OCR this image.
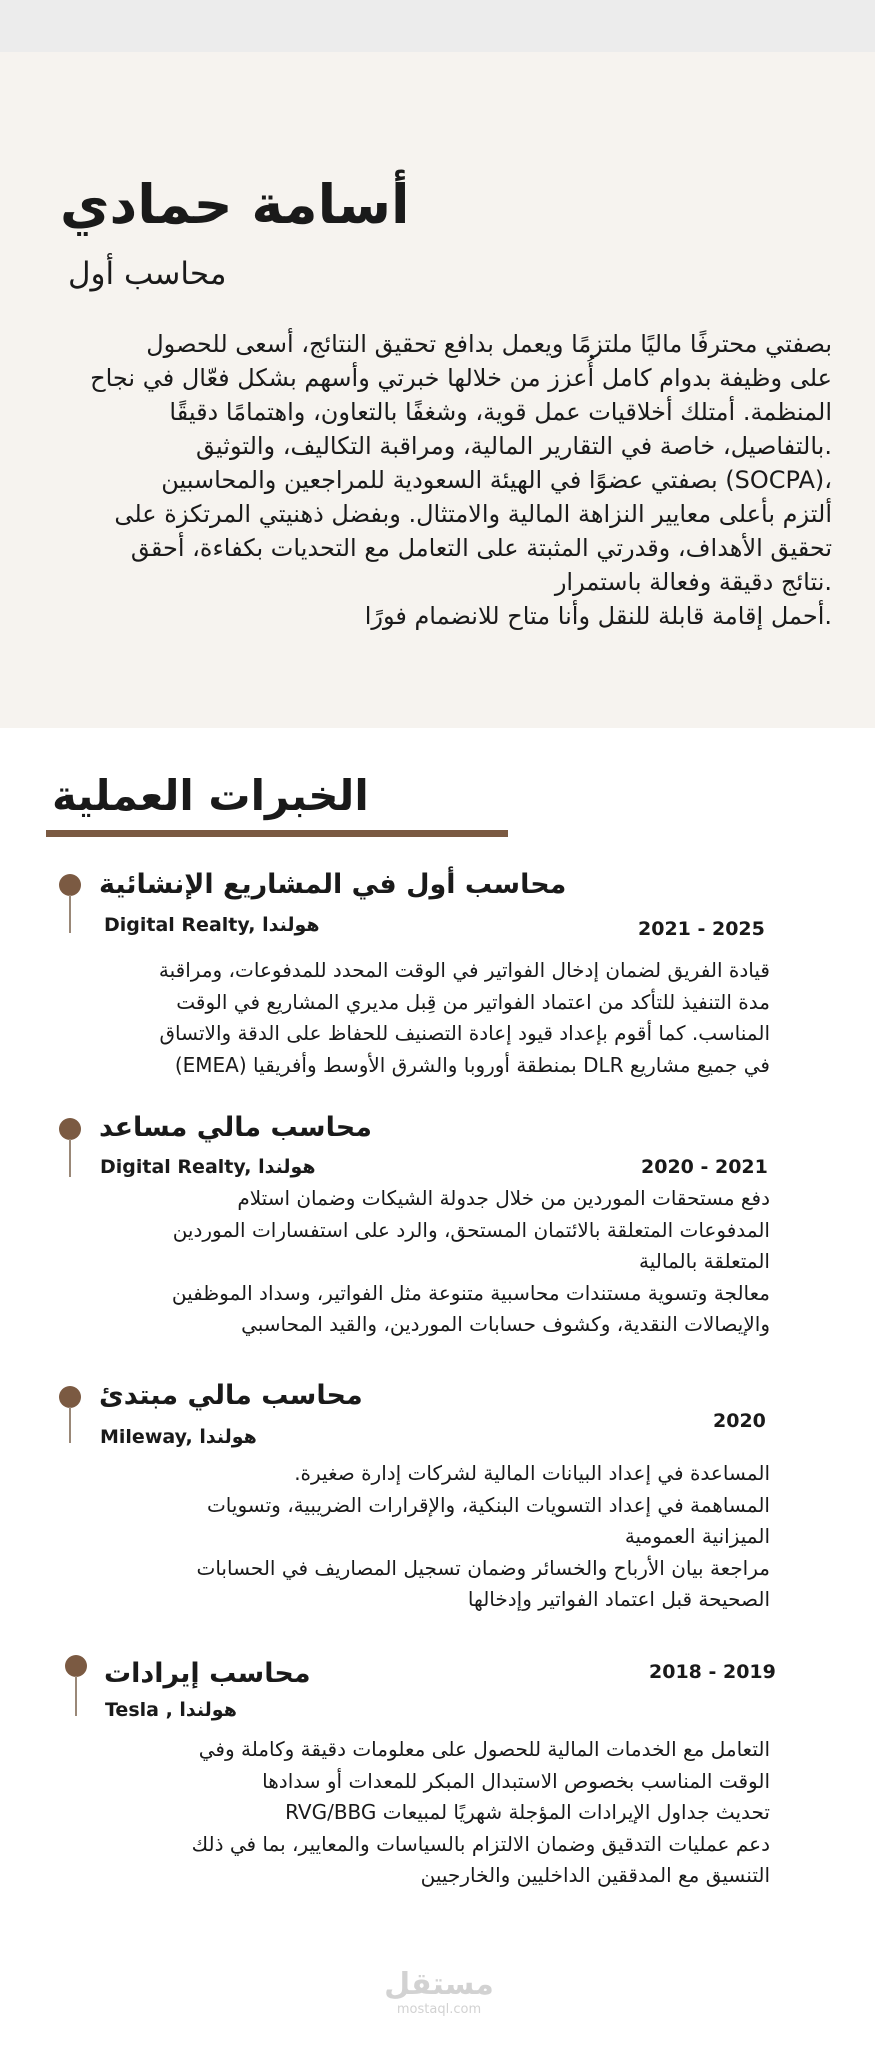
أسامة حمادي
محاسب أول
بصفتي محترفًا ماليًا ملتزمًا ويعمل بدافع تحقيق النتائج، أسعى للحصول
على وظيفة بدوام كامل أُعزز من خلالها خبرتي وأسهم بشكل فعّال في نجاح
المنظمة. أمتلك أخلاقيات عمل قوية، وشغفًا بالتعاون، واهتمامًا دقيقًا
.بالتفاصيل، خاصة في التقارير المالية، ومراقبة التكاليف، والتوثيق
،(SOCPA) بصفتي عضوًا في الهيئة السعودية للمراجعين والمحاسبين
ألتزم بأعلى معايير النزاهة المالية والامتثال. وبفضل ذهنيتي المرتكزة على
تحقيق الأهداف، وقدرتي المثبتة على التعامل مع التحديات بكفاءة، أحقق
.نتائج دقيقة وفعالة باستمرار
.أحمل إقامة قابلة للنقل وأنا متاح للانضمام فورًا
الخبرات العملية
محاسب أول في المشاريع الإنشائية
Digital Realty, هولندا	2021 - 2025
قيادة الفريق لضمان إدخال الفواتير في الوقت المحدد للمدفوعات، ومراقبة
مدة التنفيذ للتأكد من اعتماد الفواتير من قِبل مديري المشاريع في الوقت
المناسب. كما أقوم بإعداد قيود إعادة التصنيف للحفاظ على الدقة والاتساق
في جميع مشاريع DLR بمنطقة أوروبا والشرق الأوسط وأفريقيا (EMEA)
محاسب مالي مساعد
Digital Realty, هولندا	2020 - 2021
دفع مستحقات الموردين من خلال جدولة الشيكات وضمان استلام
المدفوعات المتعلقة بالائتمان المستحق، والرد على استفسارات الموردين
المتعلقة بالمالية
معالجة وتسوية مستندات محاسبية متنوعة مثل الفواتير، وسداد الموظفين
والإيصالات النقدية، وكشوف حسابات الموردين، والقيد المحاسبي
محاسب مالي مبتدئ
Mileway, هولندا
2020
المساعدة في إعداد البيانات المالية لشركات إدارة صغيرة.
المساهمة في إعداد التسويات البنكية، والإقرارات الضريبية، وتسويات
الميزانية العمومية
مراجعة بيان الأرباح والخسائر وضمان تسجيل المصاريف في الحسابات
الصحيحة قبل اعتماد الفواتير وإدخالها
محاسب إيرادات
Tesla , هولندا
2018 - 2019
التعامل مع الخدمات المالية للحصول على معلومات دقيقة وكاملة وفي
الوقت المناسب بخصوص الاستبدال المبكر للمعدات أو سدادها
تحديث جداول الإيرادات المؤجلة شهريًا لمبيعات RVG/BBG
دعم عمليات التدقيق وضمان الالتزام بالسياسات والمعايير، بما في ذلك
التنسيق مع المدققين الداخليين والخارجيين
مستقل
mostaql.com
